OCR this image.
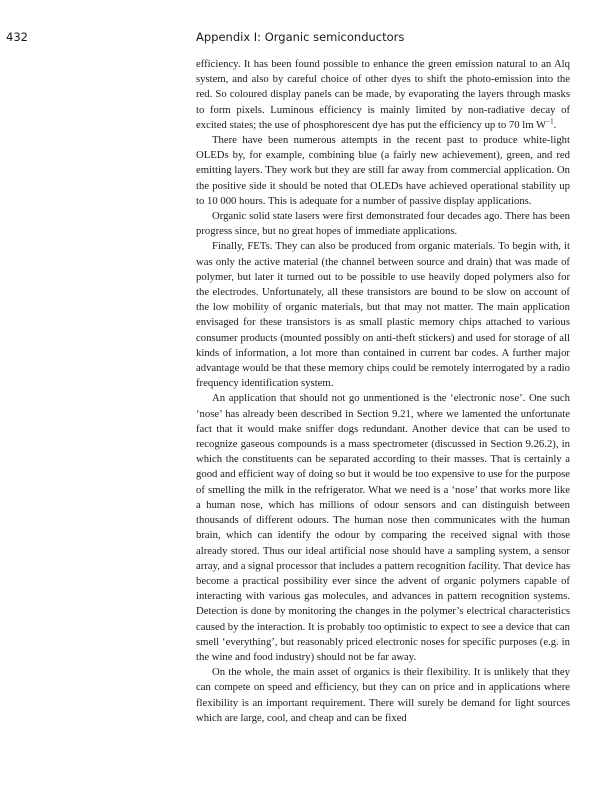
432	Appendix I: Organic semiconductors

efficiency. It has been found possible to enhance the green emission natural to an Alq system, and also by careful choice of other dyes to shift the photo-emission into the red. So coloured display panels can be made, by evaporating the layers through masks to form pixels. Luminous efficiency is mainly limited by non-radiative decay of excited states; the use of phosphorescent dye has put the efficiency up to 70 lm $W^{-1}$.

There have been numerous attempts in the recent past to produce white-light OLEDs by, for example, combining blue (a fairly new achievement), green, and red emitting layers. They work but they are still far away from commercial application. On the positive side it should be noted that OLEDs have achieved operational stability up to 10 000 hours. This is adequate for a number of passive display applications.

Organic solid state lasers were first demonstrated four decades ago. There has been progress since, but no great hopes of immediate applications.

Finally, FETs. They can also be produced from organic materials. To begin with, it was only the active material (the channel between source and drain) that was made of polymer, but later it turned out to be possible to use heavily doped polymers also for the electrodes. Unfortunately, all these transistors are bound to be slow on account of the low mobility of organic materials, but that may not matter. The main application envisaged for these transistors is as small plastic memory chips attached to various consumer products (mounted possibly on anti-theft stickers) and used for storage of all kinds of information, a lot more than contained in current bar codes. A further major advantage would be that these memory chips could be remotely interrogated by a radio frequency identification system.

An application that should not go unmentioned is the ‘electronic nose’. One such ‘nose’ has already been described in Section 9.21, where we lamented the unfortunate fact that it would make sniffer dogs redundant. Another device that can be used to recognize gaseous compounds is a mass spectrometer (discussed in Section 9.26.2), in which the constituents can be separated according to their masses. That is certainly a good and efficient way of doing so but it would be too expensive to use for the purpose of smelling the milk in the refrigerator. What we need is a ‘nose’ that works more like a human nose, which has millions of odour sensors and can distinguish between thousands of different odours. The human nose then communicates with the human brain, which can identify the odour by comparing the received signal with those already stored. Thus our ideal artificial nose should have a sampling system, a sensor array, and a signal processor that includes a pattern recognition facility. That device has become a practical possibility ever since the advent of organic polymers capable of interacting with various gas molecules, and advances in pattern recognition systems. Detection is done by monitoring the changes in the polymer’s electrical characteristics caused by the interaction. It is probably too optimistic to expect to see a device that can smell ‘everything’, but reasonably priced electronic noses for specific purposes (e.g. in the wine and food industry) should not be far away.

On the whole, the main asset of organics is their flexibility. It is unlikely that they can compete on speed and efficiency, but they can on price and in applications where flexibility is an important requirement. There will surely be demand for light sources which are large, cool, and cheap and can be fixed
